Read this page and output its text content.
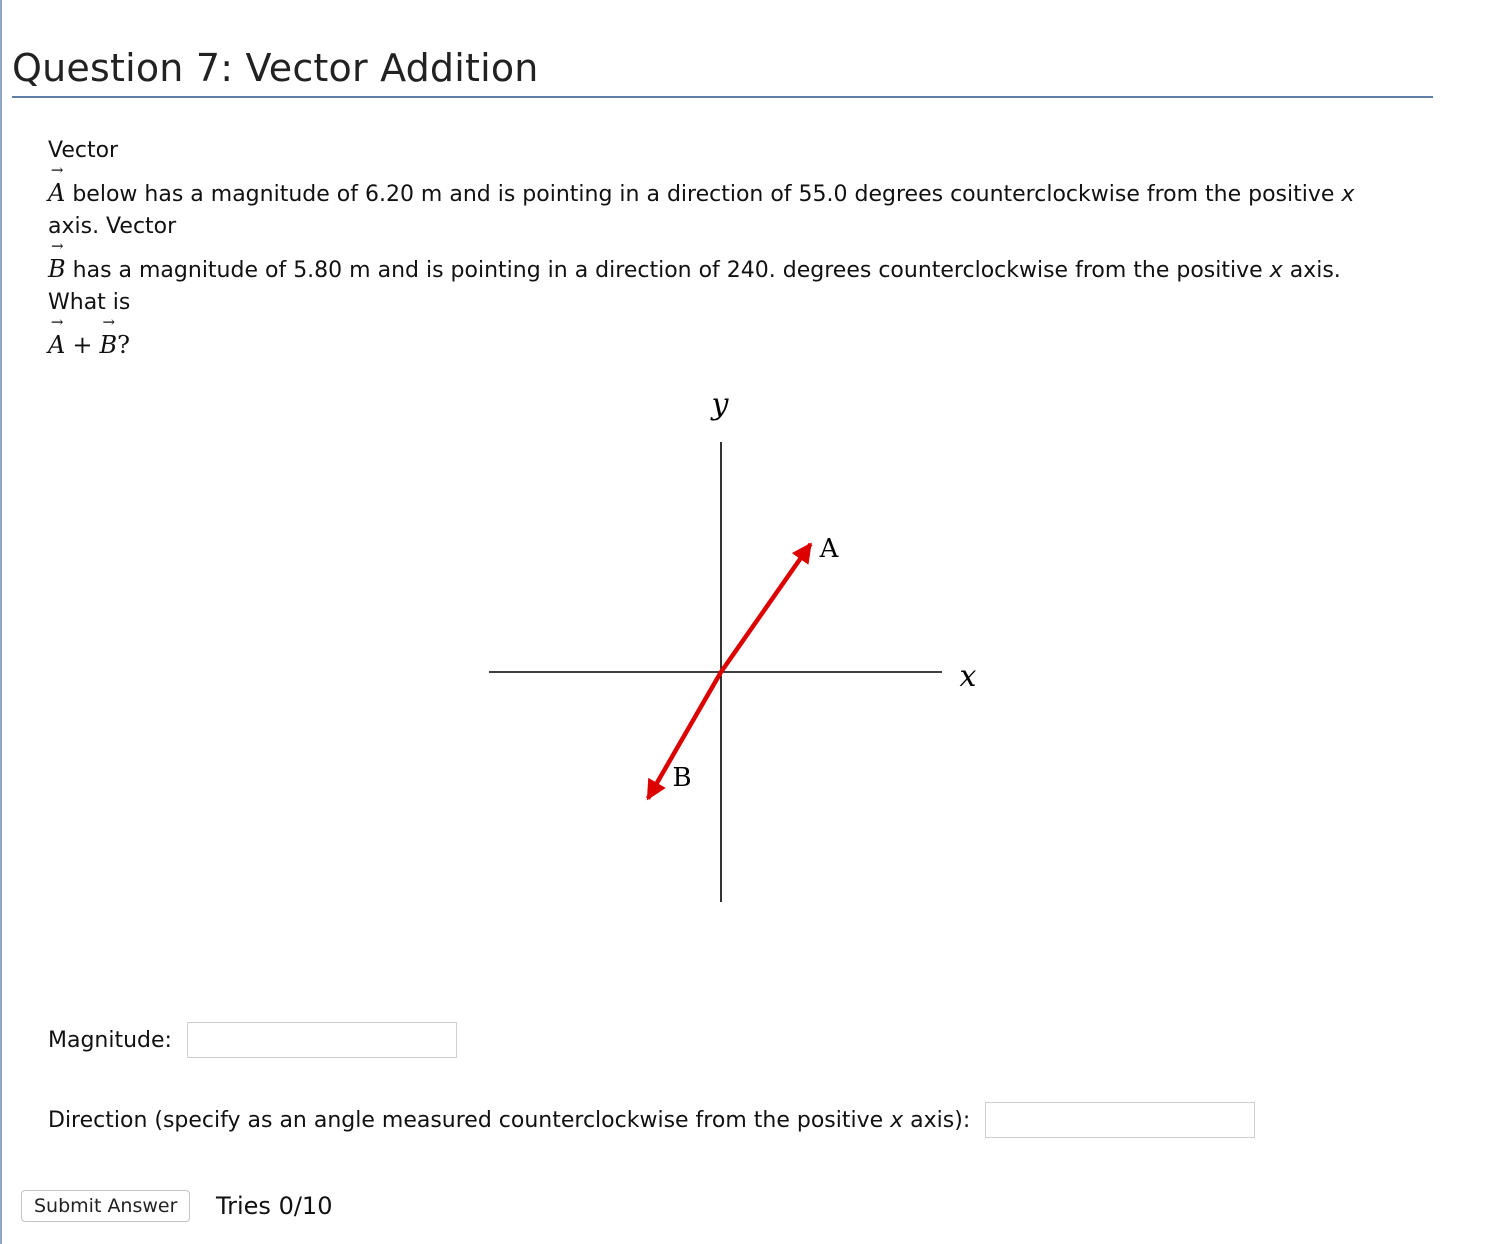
Question 7: Vector Addition
Vector
→
A below has a magnitude of 6.20 m and is pointing in a direction of 55.0 degrees counterclockwise from the positive x
axis. Vector
→
B has a magnitude of 5.80 m and is pointing in a direction of 240. degrees counterclockwise from the positive x axis.
What is
→
A +
→
B?
y
x
A
B
Magnitude:
Direction (specify as an angle measured counterclockwise from the positive x axis):
Submit Answer	Tries 0/10
